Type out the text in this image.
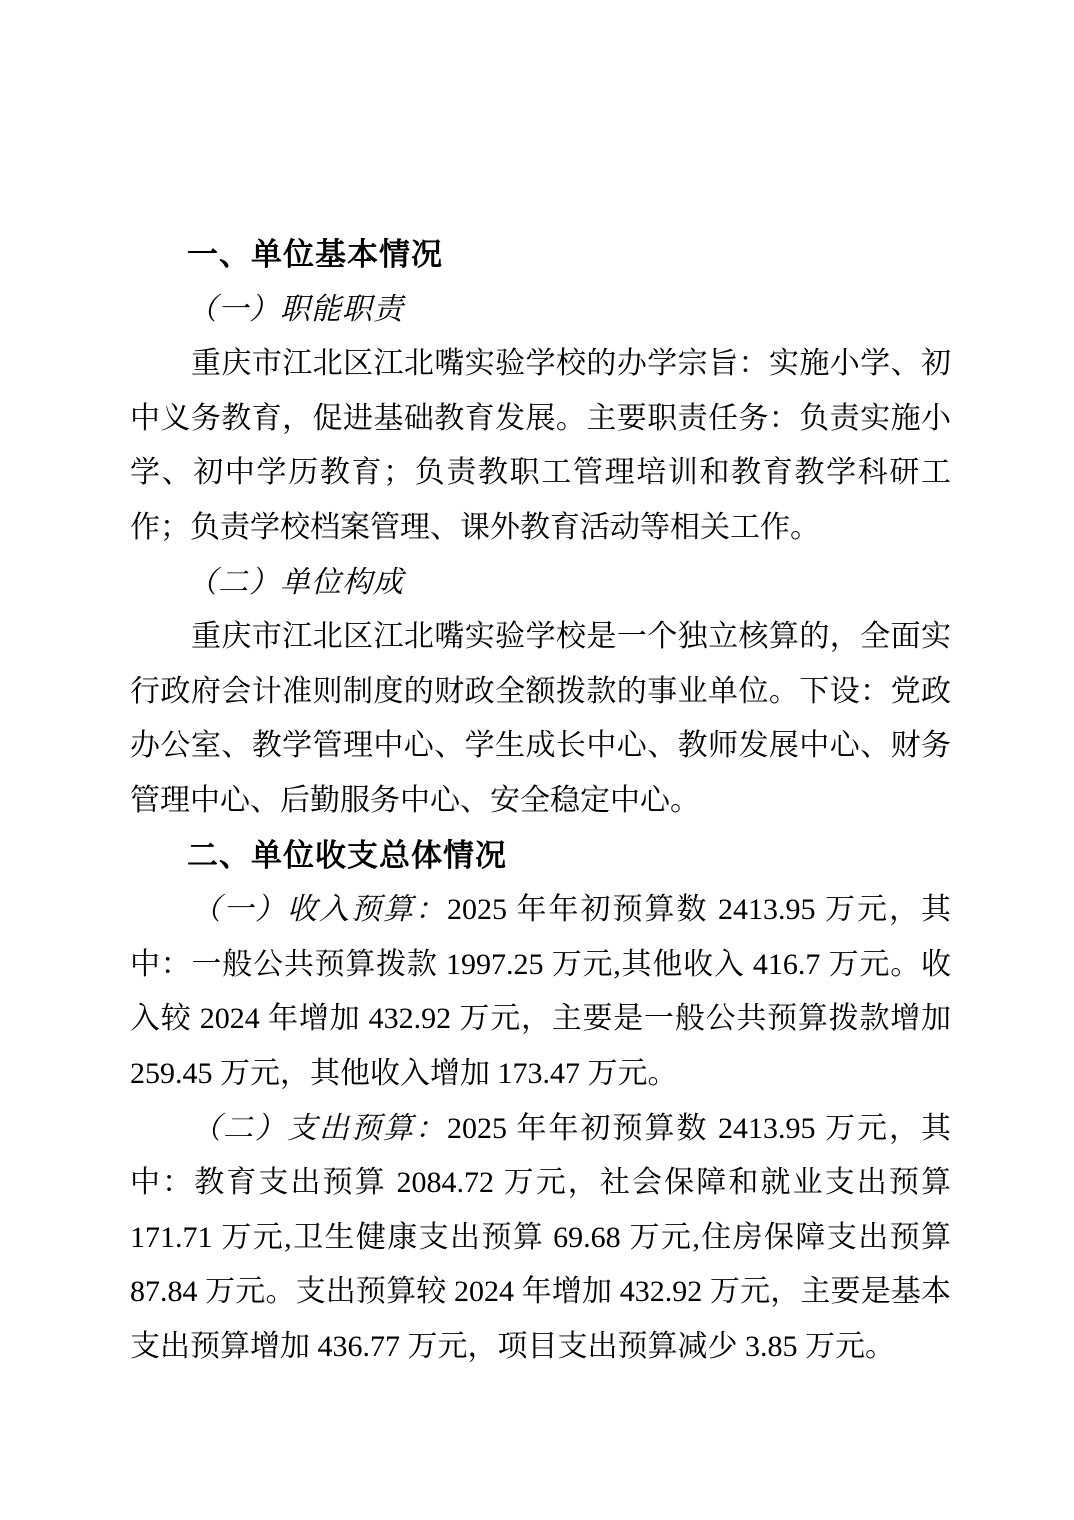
一、单位基本情况

（一）职能职责

重庆市江北区江北嘴实验学校的办学宗旨：实施小学、初中义务教育，促进基础教育发展。主要职责任务：负责实施小学、初中学历教育；负责教职工管理培训和教育教学科研工作；负责学校档案管理、课外教育活动等相关工作。

（二）单位构成

重庆市江北区江北嘴实验学校是一个独立核算的，全面实行政府会计准则制度的财政全额拨款的事业单位。下设：党政办公室、教学管理中心、学生成长中心、教师发展中心、财务管理中心、后勤服务中心、安全稳定中心。

二、单位收支总体情况

（一）收入预算：2025 年年初预算数 2413.95 万元，其中：一般公共预算拨款 1997.25 万元,其他收入 416.7 万元。收入较 2024 年增加 432.92 万元，主要是一般公共预算拨款增加 259.45 万元，其他收入增加 173.47 万元。

（二）支出预算：2025 年年初预算数 2413.95 万元，其中：教育支出预算 2084.72 万元，社会保障和就业支出预算 171.71 万元,卫生健康支出预算 69.68 万元,住房保障支出预算 87.84 万元。支出预算较 2024 年增加 432.92 万元，主要是基本支出预算增加 436.77 万元，项目支出预算减少 3.85 万元。
